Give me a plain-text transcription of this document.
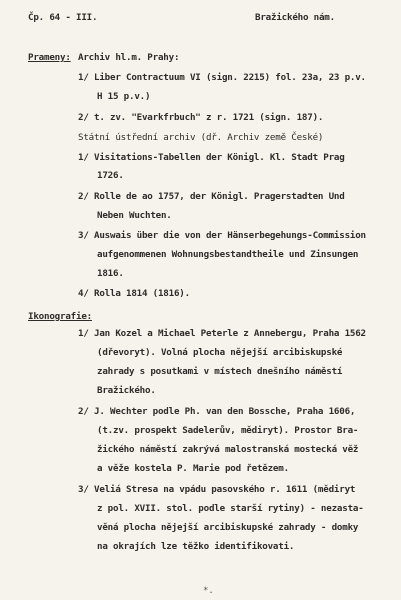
Čp. 64 - III.	Bražického nám.
Prameny: Archiv hl.m. Prahy:
1/ Liber Contractuum VI (sign. 2215) fol. 23a, 23 p.v.
H 15 p.v.)
2/ t. zv. "Evarkfrbuch" z r. 1721 (sign. 187).
Státní ústřední archiv (dř. Archiv země České)
1/ Visitations-Tabellen der Königl. Kl. Stadt Prag
1726.
2/ Rolle de ao 1757, der Königl. Pragerstadten Und
Neben Wuchten.
3/ Auswais über die von der Hänserbegehungs-Commission
aufgenommenen Wohnungsbestandtheile und Zinsungen
1816.
4/ Rolla 1814 (1816).
Ikonografie:
1/ Jan Kozel a Michael Peterle z Annebergu, Praha 1562
(dřevoryt). Volná plocha nějejší arcibiskupské
zahrady s posutkami v místech dnešního náměstí
Bražického.
2/ J. Wechter podle Ph. van den Bossche, Praha 1606,
(t.zv. prospekt Sadelerův, mědiryt). Prostor Bra-
žického náměstí zakrývá malostranská mostecká věž
a věže kostela P. Marie pod řetězem.
3/ Veliá Stresa na vpádu pasovského r. 1611 (mědiryt
z pol. XVII. stol. podle starší rytiny) - nezasta-
věná plocha nějejší arcibiskupské zahrady - domky
na okrajích lze těžko identifikovati.
*.
